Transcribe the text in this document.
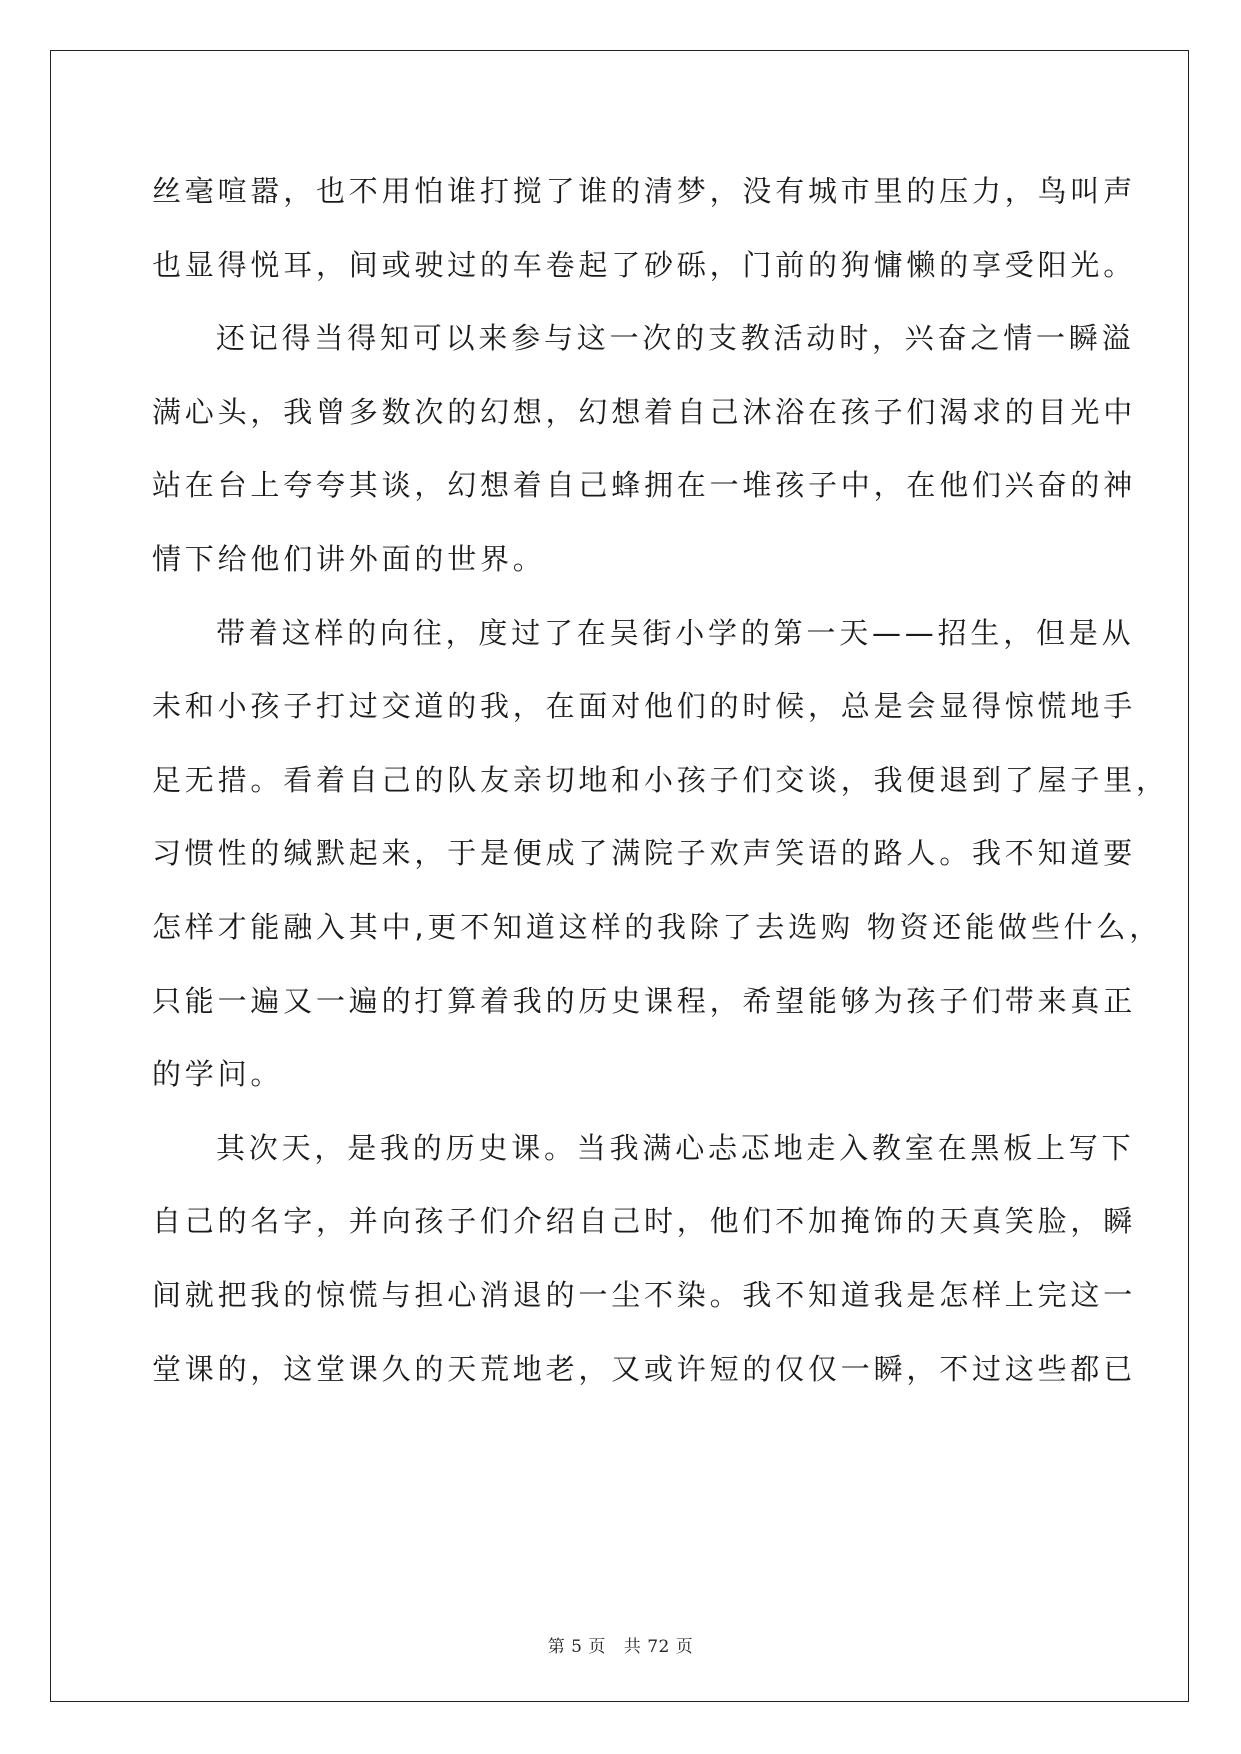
丝毫喧嚣，也不用怕谁打搅了谁的清梦，没有城市里的压力，鸟叫声
也显得悦耳，间或驶过的车卷起了砂砾，门前的狗慵懒的享受阳光。
还记得当得知可以来参与这一次的支教活动时，兴奋之情一瞬溢
满心头，我曾多数次的幻想，幻想着自己沐浴在孩子们渴求的目光中
站在台上夸夸其谈，幻想着自己蜂拥在一堆孩子中，在他们兴奋的神
情下给他们讲外面的世界。
带着这样的向往，度过了在吴街小学的第一天——招生，但是从
未和小孩子打过交道的我，在面对他们的时候，总是会显得惊慌地手
足无措。看着自己的队友亲切地和小孩子们交谈，我便退到了屋子里，
习惯性的缄默起来，于是便成了满院子欢声笑语的路人。我不知道要
怎样才能融入其中,更不知道这样的我除了去选购 物资还能做些什么，
只能一遍又一遍的打算着我的历史课程，希望能够为孩子们带来真正
的学问。
其次天，是我的历史课。当我满心忐忑地走入教室在黑板上写下
自己的名字，并向孩子们介绍自己时，他们不加掩饰的天真笑脸，瞬
间就把我的惊慌与担心消退的一尘不染。我不知道我是怎样上完这一
堂课的，这堂课久的天荒地老，又或许短的仅仅一瞬，不过这些都已
第 5 页 共 72 页
